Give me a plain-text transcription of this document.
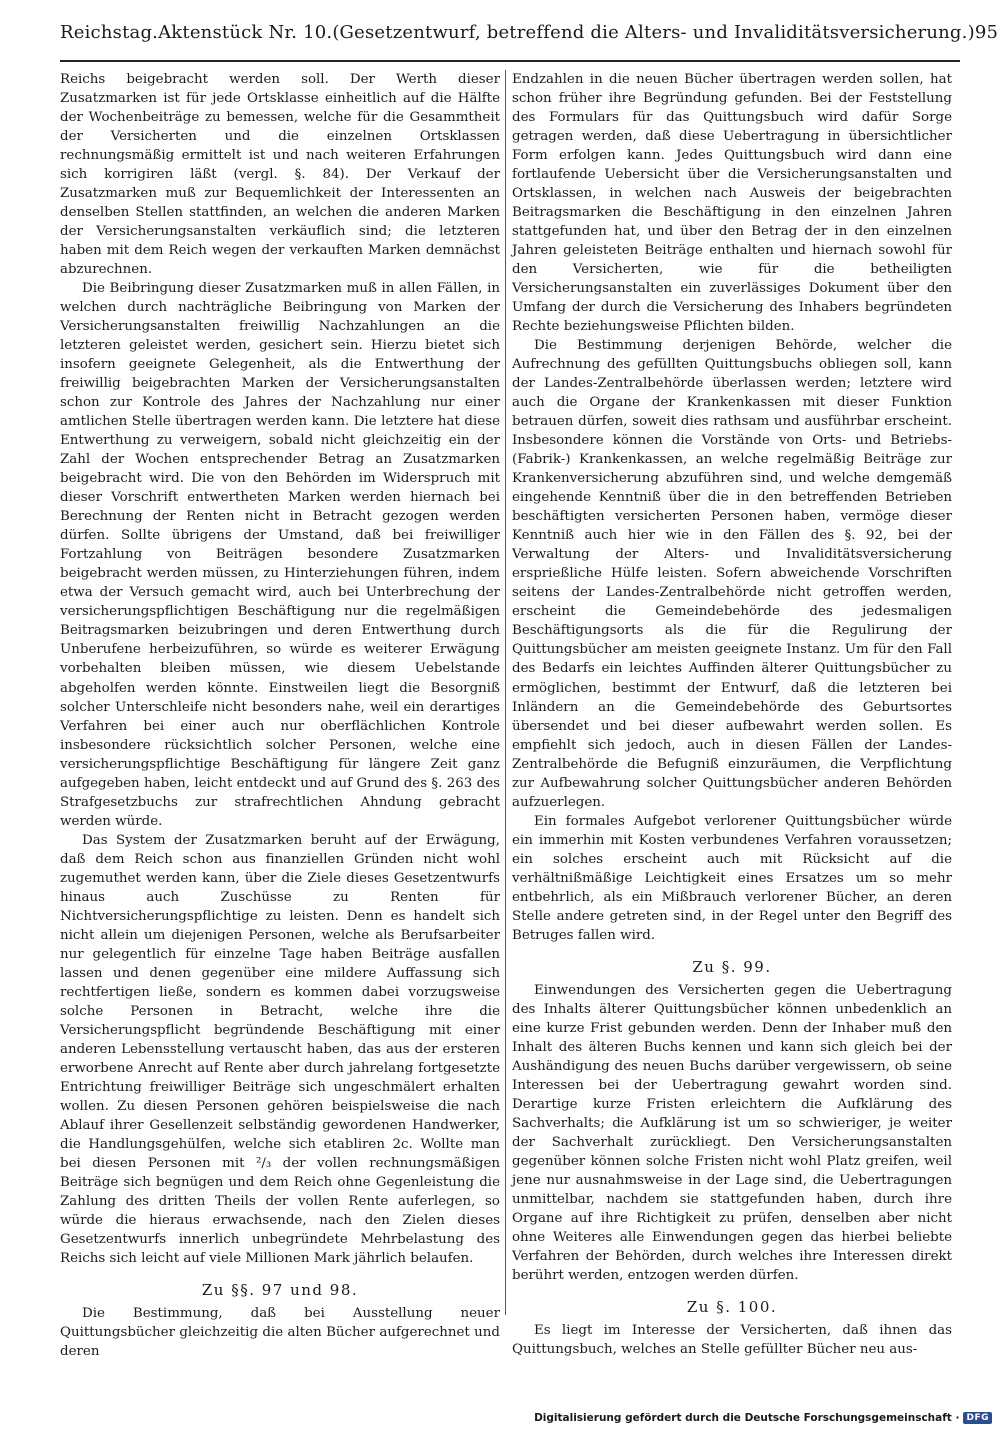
Reichstag. Aktenstück Nr. 10. (Gesetzentwurf, betreffend die Alters- und Invaliditätsversicherung.) 95

Reichs beigebracht werden soll. Der Werth dieser Zusatzmarken ist für jede Ortsklasse einheitlich auf die Hälfte der Wochenbeiträge zu bemessen, welche für die Gesammtheit der Versicherten und die einzelnen Ortsklassen rechnungsmäßig ermittelt ist und nach weiteren Erfahrungen sich korrigiren läßt (vergl. §. 84). Der Verkauf der Zusatzmarken muß zur Bequemlichkeit der Interessenten an denselben Stellen stattfinden, an welchen die anderen Marken der Versicherungsanstalten verkäuflich sind; die letzteren haben mit dem Reich wegen der verkauften Marken demnächst abzurechnen.

Die Beibringung dieser Zusatzmarken muß in allen Fällen, in welchen durch nachträgliche Beibringung von Marken der Versicherungsanstalten freiwillig Nachzahlungen an die letzteren geleistet werden, gesichert sein. Hierzu bietet sich insofern geeignete Gelegenheit, als die Entwerthung der freiwillig beigebrachten Marken der Versicherungsanstalten schon zur Kontrole des Jahres der Nachzahlung nur einer amtlichen Stelle übertragen werden kann. Die letztere hat diese Entwerthung zu verweigern, sobald nicht gleichzeitig ein der Zahl der Wochen entsprechender Betrag an Zusatzmarken beigebracht wird. Die von den Behörden im Widerspruch mit dieser Vorschrift entwertheten Marken werden hiernach bei Berechnung der Renten nicht in Betracht gezogen werden dürfen. Sollte übrigens der Umstand, daß bei freiwilliger Fortzahlung von Beiträgen besondere Zusatzmarken beigebracht werden müssen, zu Hinterziehungen führen, indem etwa der Versuch gemacht wird, auch bei Unterbrechung der versicherungspflichtigen Beschäftigung nur die regelmäßigen Beitragsmarken beizubringen und deren Entwerthung durch Unberufene herbeizuführen, so würde es weiterer Erwägung vorbehalten bleiben müssen, wie diesem Uebelstande abgeholfen werden könnte. Einstweilen liegt die Besorgniß solcher Unterschleife nicht besonders nahe, weil ein derartiges Verfahren bei einer auch nur oberflächlichen Kontrole insbesondere rücksichtlich solcher Personen, welche eine versicherungspflichtige Beschäftigung für längere Zeit ganz aufgegeben haben, leicht entdeckt und auf Grund des §. 263 des Strafgesetzbuchs zur strafrechtlichen Ahndung gebracht werden würde.

Das System der Zusatzmarken beruht auf der Erwägung, daß dem Reich schon aus finanziellen Gründen nicht wohl zugemuthet werden kann, über die Ziele dieses Gesetzentwurfs hinaus auch Zuschüsse zu Renten für Nichtversicherungspflichtige zu leisten. Denn es handelt sich nicht allein um diejenigen Personen, welche als Berufsarbeiter nur gelegentlich für einzelne Tage haben Beiträge ausfallen lassen und denen gegenüber eine mildere Auffassung sich rechtfertigen ließe, sondern es kommen dabei vorzugsweise solche Personen in Betracht, welche ihre die Versicherungspflicht begründende Beschäftigung mit einer anderen Lebensstellung vertauscht haben, das aus der ersteren erworbene Anrecht auf Rente aber durch jahrelang fortgesetzte Entrichtung freiwilliger Beiträge sich ungeschmälert erhalten wollen. Zu diesen Personen gehören beispielsweise die nach Ablauf ihrer Gesellenzeit selbständig gewordenen Handwerker, die Handlungsgehülfen, welche sich etabliren 2c. Wollte man bei diesen Personen mit ²/₃ der vollen rechnungsmäßigen Beiträge sich begnügen und dem Reich ohne Gegenleistung die Zahlung des dritten Theils der vollen Rente auferlegen, so würde die hieraus erwachsende, nach den Zielen dieses Gesetzentwurfs innerlich unbegründete Mehrbelastung des Reichs sich leicht auf viele Millionen Mark jährlich belaufen.

Zu §§. 97 und 98.

Die Bestimmung, daß bei Ausstellung neuer Quittungsbücher gleichzeitig die alten Bücher aufgerechnet und deren

Endzahlen in die neuen Bücher übertragen werden sollen, hat schon früher ihre Begründung gefunden. Bei der Feststellung des Formulars für das Quittungsbuch wird dafür Sorge getragen werden, daß diese Uebertragung in übersichtlicher Form erfolgen kann. Jedes Quittungsbuch wird dann eine fortlaufende Uebersicht über die Versicherungsanstalten und Ortsklassen, in welchen nach Ausweis der beigebrachten Beitragsmarken die Beschäftigung in den einzelnen Jahren stattgefunden hat, und über den Betrag der in den einzelnen Jahren geleisteten Beiträge enthalten und hiernach sowohl für den Versicherten, wie für die betheiligten Versicherungsanstalten ein zuverlässiges Dokument über den Umfang der durch die Versicherung des Inhabers begründeten Rechte beziehungsweise Pflichten bilden.

Die Bestimmung derjenigen Behörde, welcher die Aufrechnung des gefüllten Quittungsbuchs obliegen soll, kann der Landes-Zentralbehörde überlassen werden; letztere wird auch die Organe der Krankenkassen mit dieser Funktion betrauen dürfen, soweit dies rathsam und ausführbar erscheint. Insbesondere können die Vorstände von Orts- und Betriebs- (Fabrik-) Krankenkassen, an welche regelmäßig Beiträge zur Krankenversicherung abzuführen sind, und welche demgemäß eingehende Kenntniß über die in den betreffenden Betrieben beschäftigten versicherten Personen haben, vermöge dieser Kenntniß auch hier wie in den Fällen des §. 92, bei der Verwaltung der Alters- und Invaliditätsversicherung ersprießliche Hülfe leisten. Sofern abweichende Vorschriften seitens der Landes-Zentralbehörde nicht getroffen werden, erscheint die Gemeindebehörde des jedesmaligen Beschäftigungsorts als die für die Regulirung der Quittungsbücher am meisten geeignete Instanz. Um für den Fall des Bedarfs ein leichtes Auffinden älterer Quittungsbücher zu ermöglichen, bestimmt der Entwurf, daß die letzteren bei Inländern an die Gemeindebehörde des Geburtsortes übersendet und bei dieser aufbewahrt werden sollen. Es empfiehlt sich jedoch, auch in diesen Fällen der Landes-Zentralbehörde die Befugniß einzuräumen, die Verpflichtung zur Aufbewahrung solcher Quittungsbücher anderen Behörden aufzuerlegen.

Ein formales Aufgebot verlorener Quittungsbücher würde ein immerhin mit Kosten verbundenes Verfahren voraussetzen; ein solches erscheint auch mit Rücksicht auf die verhältnißmäßige Leichtigkeit eines Ersatzes um so mehr entbehrlich, als ein Mißbrauch verlorener Bücher, an deren Stelle andere getreten sind, in der Regel unter den Begriff des Betruges fallen wird.

Zu §. 99.

Einwendungen des Versicherten gegen die Uebertragung des Inhalts älterer Quittungsbücher können unbedenklich an eine kurze Frist gebunden werden. Denn der Inhaber muß den Inhalt des älteren Buchs kennen und kann sich gleich bei der Aushändigung des neuen Buchs darüber vergewissern, ob seine Interessen bei der Uebertragung gewahrt worden sind. Derartige kurze Fristen erleichtern die Aufklärung des Sachverhalts; die Aufklärung ist um so schwieriger, je weiter der Sachverhalt zurückliegt. Den Versicherungsanstalten gegenüber können solche Fristen nicht wohl Platz greifen, weil jene nur ausnahmsweise in der Lage sind, die Uebertragungen unmittelbar, nachdem sie stattgefunden haben, durch ihre Organe auf ihre Richtigkeit zu prüfen, denselben aber nicht ohne Weiteres alle Einwendungen gegen das hierbei beliebte Verfahren der Behörden, durch welches ihre Interessen direkt berührt werden, entzogen werden dürfen.

Zu §. 100.

Es liegt im Interesse der Versicherten, daß ihnen das Quittungsbuch, welches an Stelle gefüllter Bücher neu aus-

Digitalisierung gefördert durch die Deutsche Forschungsgemeinschaft · DFG
